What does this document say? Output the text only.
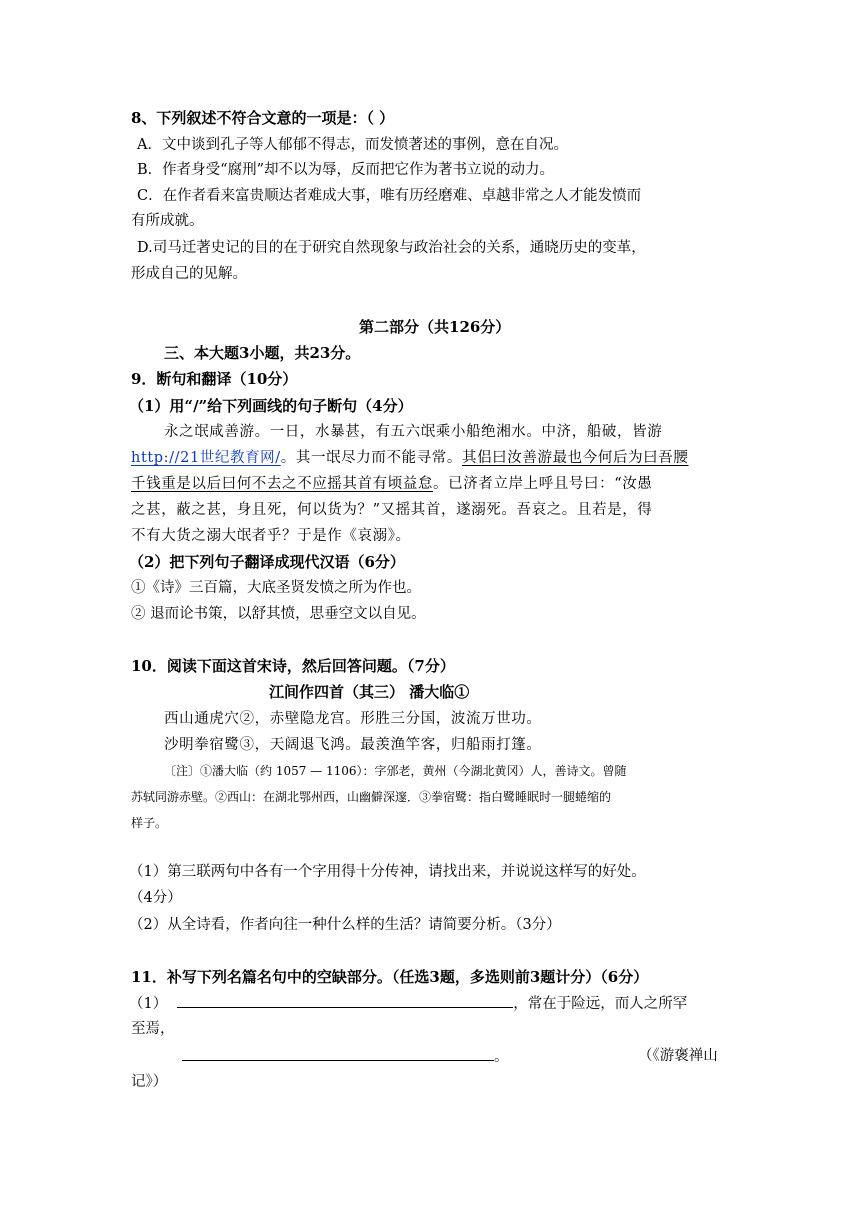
8、下列叙述不符合文意的一项是：（ ）
A．文中谈到孔子等人郁郁不得志，而发愤著述的事例，意在自况。
B．作者身受“腐刑”却不以为辱，反而把它作为著书立说的动力。
C．在作者看来富贵顺达者难成大事，唯有历经磨难、卓越非常之人才能发愤而
有所成就。
D.司马迁著史记的目的在于研究自然现象与政治社会的关系，通晓历史的变革，
形成自己的见解。
第二部分（共126分）
三、本大题3小题，共23分。
9．断句和翻译（10分）
（1）用“/”给下列画线的句子断句（4分）
永之氓咸善游。一日，水暴甚，有五六氓乘小船绝湘水。中济，船破，皆游
http://21世纪教育网/。其一氓尽力而不能寻常。其侣曰汝善游最也今何后为曰吾腰
千钱重是以后曰何不去之不应摇其首有顷益怠。已济者立岸上呼且号曰：“汝愚
之甚，蔽之甚，身且死，何以货为？”又摇其首，遂溺死。吾哀之。且若是，得
不有大货之溺大氓者乎？于是作《哀溺》。
（2）把下列句子翻译成现代汉语（6分）
①《诗》三百篇，大底圣贤发愤之所为作也。
② 退而论书策，以舒其愤，思垂空文以自见。
10．阅读下面这首宋诗，然后回答问题。（7分）
江间作四首（其三） 潘大临①
西山通虎穴②，赤壁隐龙宫。形胜三分国，波流万世功。
沙明拳宿鹭③，天阔退飞鸿。最羡渔竿客，归船雨打篷。
〔注〕①潘大临（约 1057 — 1106）：字邠老，黄州（今湖北黄冈）人，善诗文。曾随
苏轼同游赤壁。②西山：在湖北鄂州西，山幽僻深邃．③拳宿鹭：指白鹭睡眠时一腿蜷缩的
样子。
（1）第三联两句中各有一个字用得十分传神，请找出来，并说说这样写的好处。
（4分）
（2）从全诗看，作者向往一种什么样的生活？请简要分析。（3分）
11．补写下列名篇名句中的空缺部分。（任选3题，多选则前3题计分）（6分）
（1）	，常在于险远，而人之所罕
至焉，
。	（《游褒禅山
记》）
